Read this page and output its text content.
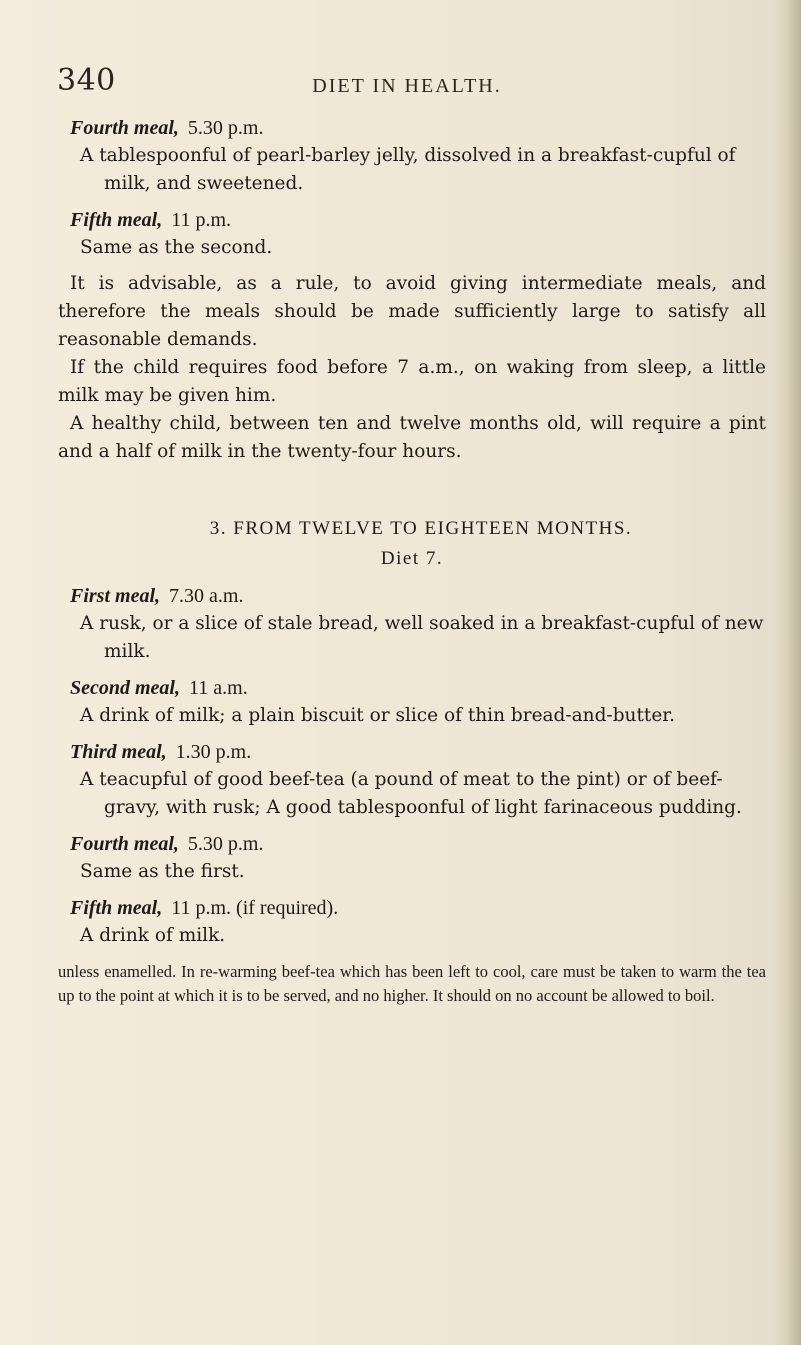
340	DIET IN HEALTH.
Fourth meal, 5.30 p.m.
A tablespoonful of pearl-barley jelly, dissolved in a breakfast-cupful of milk, and sweetened.
Fifth meal, 11 p.m.
Same as the second.

It is advisable, as a rule, to avoid giving intermediate meals, and therefore the meals should be made sufficiently large to satisfy all reasonable demands.

If the child requires food before 7 a.m., on waking from sleep, a little milk may be given him.

A healthy child, between ten and twelve months old, will require a pint and a half of milk in the twenty-four hours.

3. FROM TWELVE TO EIGHTEEN MONTHS.
Diet 7.
First meal, 7.30 a.m.
A rusk, or a slice of stale bread, well soaked in a breakfast-cupful of new milk.
Second meal, 11 a.m.
A drink of milk; a plain biscuit or slice of thin bread-and-butter.
Third meal, 1.30 p.m.
A teacupful of good beef-tea (a pound of meat to the pint) or of beef-gravy, with rusk; A good tablespoonful of light farinaceous pudding.
Fourth meal, 5.30 p.m.
Same as the first.
Fifth meal, 11 p.m. (if required).
A drink of milk.
unless enamelled. In re-warming beef-tea which has been left to cool, care must be taken to warm the tea up to the point at which it is to be served, and no higher. It should on no account be allowed to boil.
